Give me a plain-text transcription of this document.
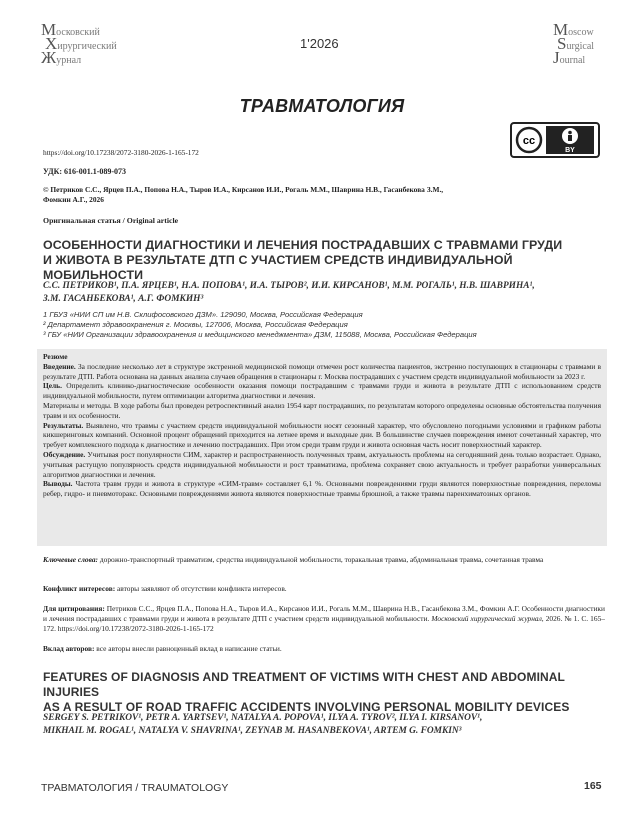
Московский
Хирургический
Журнал
1'2026
Moscow
Surgical
Journal
ТРАВМАТОЛОГИЯ
cc
BY
https://doi.org/10.17238/2072-3180-2026-1-165-172
УДК: 616-001.1-089-073
© Петриков С.С., Ярцев П.А., Попова Н.А., Тыров И.А., Кирсанов И.И., Рогаль М.М., Шаврина Н.В., Гасанбекова З.М.,
Фомкин А.Г., 2026
Оригинальная статья / Original article
ОСОБЕННОСТИ ДИАГНОСТИКИ И ЛЕЧЕНИЯ ПОСТРАДАВШИХ С ТРАВМАМИ ГРУДИ
И ЖИВОТА В РЕЗУЛЬТАТЕ ДТП С УЧАСТИЕМ СРЕДСТВ ИНДИВИДУАЛЬНОЙ МОБИЛЬНОСТИ
С.С. ПЕТРИКОВ¹, П.А. ЯРЦЕВ¹, Н.А. ПОПОВА¹, И.А. ТЫРОВ², И.И. КИРСАНОВ¹, М.М. РОГАЛЬ¹, Н.В. ШАВРИНА¹,
З.М. ГАСАНБЕКОВА¹, А.Г. ФОМКИН³
1 ГБУЗ «НИИ СП им Н.В. Склифосовского ДЗМ». 129090, Москва, Российская Федерация
² Департамент здравоохранения г. Москвы, 127006, Москва, Российская Федерация
³ ГБУ «НИИ Организации здравоохранения и медицинского менеджмента» ДЗМ, 115088, Москва, Российская Федерация

Резюме

Введение. За последние несколько лет в структуре экстренной медицинской помощи отмечен рост количества пациентов, экстренно поступающих в стационары с травмами в результате ДТП. Работа основана на данных анализа случаев обращения в стационары г. Москва пострадавших с участием средств индивидуальной мобильности за 2023 г.

Цель. Определить клинико-диагностические особенности оказания помощи пострадавшим с травмами груди и живота в результате ДТП с использованием средств индивидуальной мобильности, путем оптимизации алгоритма диагностики и лечения.

Материалы и методы. В ходе работы был проведен ретроспективный анализ 1954 карт пострадавших, по результатам которого определены основные обстоятельства получения травм и их особенности.

Результаты. Выявлено, что травмы с участием средств индивидуальной мобильности носят сезонный характер, что обусловлено погодными условиями и графиком работы кикшеринговых компаний. Основной процент обращений приходится на летнее время и выходные дни. В большинстве случаев повреждения имеют сочетанный характер, что требует комплексного подхода к диагностике и лечению пострадавших. При этом среди травм груди и живота основная часть носит поверхностный характер.

Обсуждение. Учитывая рост популярности СИМ, характер и распространенность полученных травм, актуальность проблемы на сегодняшний день только возрастает. Однако, учитывая растущую популярность средств индивидуальной мобильности и рост травматизма, проблема сохраняет свою актуальность и требует разработки универсальных алгоритмов диагностики и лечения.

Выводы. Частота травм груди и живота в структуре «СИМ-травм» составляет 6,1 %. Основными повреждениями груди являются поверхностные повреждения, переломы ребер, гидро- и пневмоторакс. Основными повреждениями живота являются поверхностные травмы брюшной, а также травмы паренхиматозных органов.

Ключевые слова: дорожно-транспортный травматизм, средства индивидуальной мобильности, торакальная травма, абдоминальная травма, сочетанная травма
Конфликт интересов: авторы заявляют об отсутствии конфликта интересов.
Для цитирования: Петриков С.С., Ярцев П.А., Попова Н.А., Тыров И.А., Кирсанов И.И., Рогаль М.М., Шаврина Н.В., Гасанбекова З.М., Фомкин А.Г. Особенности диагностики и лечения пострадавших с травмами груди и живота в результате ДТП с участием средств индивидуальной мобильности. Московский хирургический журнал, 2026. № 1. С. 165–172. https://doi.org/10.17238/2072-3180-2026-1-165-172
Вклад авторов: все авторы внесли равноценный вклад в написание статьи.
FEATURES OF DIAGNOSIS AND TREATMENT OF VICTIMS WITH CHEST AND ABDOMINAL INJURIES
AS A RESULT OF ROAD TRAFFIC ACCIDENTS INVOLVING PERSONAL MOBILITY DEVICES
SERGEY S. PETRIKOV¹, PETR A. YARTSEV¹, NATALYA A. POPOVA¹, ILYA A. TYROV², ILYA I. KIRSANOV¹,
MIKHAIL M. ROGAL¹, NATALYA V. SHAVRINA¹, ZEYNAB M. HASANBEKOVA¹, ARTEM G. FOMKIN³
ТРАВМАТОЛОГИЯ / TRAUMATOLOGY	165
